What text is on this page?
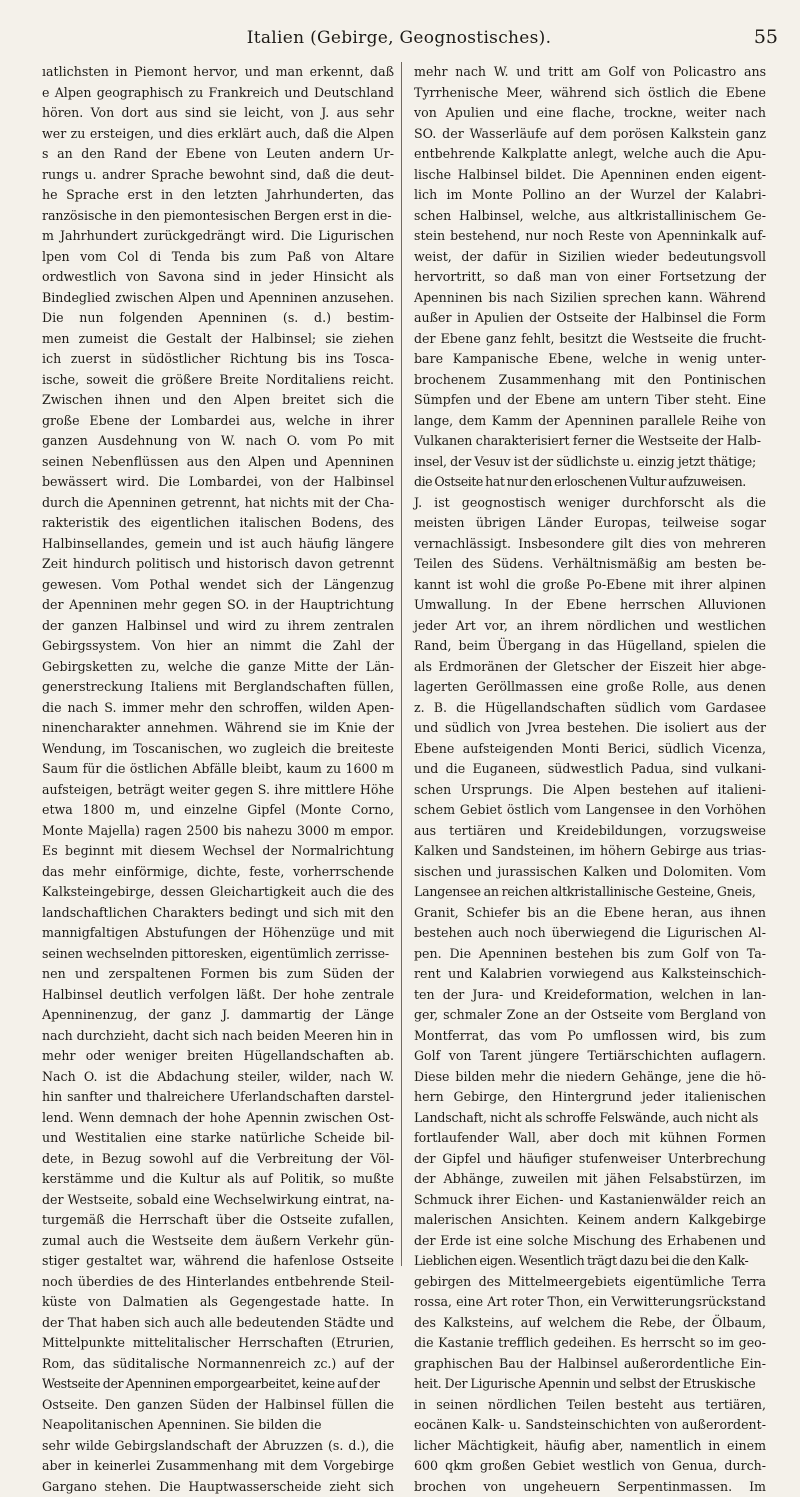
Italien (Gebirge, Geognostisches).	55
ıatlichsten in Piemont hervor, und man erkennt, daß
e Alpen geographisch zu Frankreich und Deutschland
hören. Von dort aus sind sie leicht, von J. aus sehr
wer zu ersteigen, und dies erklärt auch, daß die Alpen
s an den Rand der Ebene von Leuten andern Ur-
rungs u. andrer Sprache bewohnt sind, daß die deut-
he Sprache erst in den letzten Jahrhunderten, das
ranzösische in den piemontesischen Bergen erst in die-
m Jahrhundert zurückgedrängt wird. Die Ligurischen
lpen vom Col di Tenda bis zum Paß von Altare
ordwestlich von Savona sind in jeder Hinsicht als
Bindeglied zwischen Alpen und Apenninen anzusehen.
Die nun folgenden Apenninen (s. d.) bestim-
men zumeist die Gestalt der Halbinsel; sie ziehen
ich zuerst in südöstlicher Richtung bis ins Tosca-
ische, soweit die größere Breite Norditaliens reicht.
Zwischen ihnen und den Alpen breitet sich die
große Ebene der Lombardei aus, welche in ihrer
ganzen Ausdehnung von W. nach O. vom Po mit
seinen Nebenflüssen aus den Alpen und Apenninen
bewässert wird. Die Lombardei, von der Halbinsel
durch die Apenninen getrennt, hat nichts mit der Cha-
rakteristik des eigentlichen italischen Bodens, des
Halbinsellandes, gemein und ist auch häufig längere
Zeit hindurch politisch und historisch davon getrennt
gewesen. Vom Pothal wendet sich der Längenzug
der Apenninen mehr gegen SO. in der Hauptrichtung
der ganzen Halbinsel und wird zu ihrem zentralen
Gebirgssystem. Von hier an nimmt die Zahl der
Gebirgsketten zu, welche die ganze Mitte der Län-
generstreckung Italiens mit Berglandschaften füllen,
die nach S. immer mehr den schroffen, wilden Apen-
ninencharakter annehmen. Während sie im Knie der
Wendung, im Toscanischen, wo zugleich die breiteste
Saum für die östlichen Abfälle bleibt, kaum zu 1600 m
aufsteigen, beträgt weiter gegen S. ihre mittlere Höhe
etwa 1800 m, und einzelne Gipfel (Monte Corno,
Monte Majella) ragen 2500 bis nahezu 3000 m empor.
Es beginnt mit diesem Wechsel der Normalrichtung
das mehr einförmige, dichte, feste, vorherrschende
Kalksteingebirge, dessen Gleichartigkeit auch die des
landschaftlichen Charakters bedingt und sich mit den
mannigfaltigen Abstufungen der Höhenzüge und mit
seinen wechselnden pittoresken, eigentümlich zerrisse-
nen und zerspaltenen Formen bis zum Süden der
Halbinsel deutlich verfolgen läßt. Der hohe zentrale
Apenninenzug, der ganz J. dammartig der Länge
nach durchzieht, dacht sich nach beiden Meeren hin in
mehr oder weniger breiten Hügellandschaften ab.
Nach O. ist die Abdachung steiler, wilder, nach W.
hin sanfter und thalreichere Uferlandschaften darstel-
lend. Wenn demnach der hohe Apennin zwischen Ost-
und Westitalien eine starke natürliche Scheide bil-
dete, in Bezug sowohl auf die Verbreitung der Völ-
kerstämme und die Kultur als auf Politik, so mußte
der Westseite, sobald eine Wechselwirkung eintrat, na-
turgemäß die Herrschaft über die Ostseite zufallen,
zumal auch die Westseite dem äußern Verkehr gün-
stiger gestaltet war, während die hafenlose Ostseite
noch überdies de des Hinterlandes entbehrende Steil-
küste von Dalmatien als Gegengestade hatte. In
der That haben sich auch alle bedeutenden Städte und
Mittelpunkte mittelitalischer Herrschaften (Etrurien,
Rom, das süditalische Normannenreich zc.) auf der
Westseite der Apenninen emporgearbeitet, keine auf der
Ostseite. Den ganzen Süden der Halbinsel füllen die
Neapolitanischen Apenninen. Sie bilden die
sehr wilde Gebirgslandschaft der Abruzzen (s. d.), die
aber in keinerlei Zusammenhang mit dem Vorgebirge
Gargano stehen. Die Hauptwasserscheide zieht sich
mehr nach W. und tritt am Golf von Policastro ans
Tyrrhenische Meer, während sich östlich die Ebene
von Apulien und eine flache, trockne, weiter nach
SO. der Wasserläufe auf dem porösen Kalkstein ganz
entbehrende Kalkplatte anlegt, welche auch die Apu-
lische Halbinsel bildet. Die Apenninen enden eigent-
lich im Monte Pollino an der Wurzel der Kalabri-
schen Halbinsel, welche, aus altkristallinischem Ge-
stein bestehend, nur noch Reste von Apenninkalk auf-
weist, der dafür in Sizilien wieder bedeutungsvoll
hervortritt, so daß man von einer Fortsetzung der
Apenninen bis nach Sizilien sprechen kann. Während
außer in Apulien der Ostseite der Halbinsel die Form
der Ebene ganz fehlt, besitzt die Westseite die frucht-
bare Kampanische Ebene, welche in wenig unter-
brochenem Zusammenhang mit den Pontinischen
Sümpfen und der Ebene am untern Tiber steht. Eine
lange, dem Kamm der Apenninen parallele Reihe von
Vulkanen charakterisiert ferner die Westseite der Halb-
insel, der Vesuv ist der südlichste u. einzig jetzt thätige;
die Ostseite hat nur den erloschenen Vultur aufzuweisen.
J. ist geognostisch weniger durchforscht als die
meisten übrigen Länder Europas, teilweise sogar
vernachlässigt. Insbesondere gilt dies von mehreren
Teilen des Südens. Verhältnismäßig am besten be-
kannt ist wohl die große Po-Ebene mit ihrer alpinen
Umwallung. In der Ebene herrschen Alluvionen
jeder Art vor, an ihrem nördlichen und westlichen
Rand, beim Übergang in das Hügelland, spielen die
als Erdmoränen der Gletscher der Eiszeit hier abge-
lagerten Geröllmassen eine große Rolle, aus denen
z. B. die Hügellandschaften südlich vom Gardasee
und südlich von Jvrea bestehen. Die isoliert aus der
Ebene aufsteigenden Monti Berici, südlich Vicenza,
und die Euganeen, südwestlich Padua, sind vulkani-
schen Ursprungs. Die Alpen bestehen auf italieni-
schem Gebiet östlich vom Langensee in den Vorhöhen
aus tertiären und Kreidebildungen, vorzugsweise
Kalken und Sandsteinen, im höhern Gebirge aus trias-
sischen und jurassischen Kalken und Dolomiten. Vom
Langensee an reichen altkristallinische Gesteine, Gneis,
Granit, Schiefer bis an die Ebene heran, aus ihnen
bestehen auch noch überwiegend die Ligurischen Al-
pen. Die Apenninen bestehen bis zum Golf von Ta-
rent und Kalabrien vorwiegend aus Kalksteinschich-
ten der Jura- und Kreideformation, welchen in lan-
ger, schmaler Zone an der Ostseite vom Bergland von
Montferrat, das vom Po umflossen wird, bis zum
Golf von Tarent jüngere Tertiärschichten auflagern.
Diese bilden mehr die niedern Gehänge, jene die hö-
hern Gebirge, den Hintergrund jeder italienischen
Landschaft, nicht als schroffe Felswände, auch nicht als
fortlaufender Wall, aber doch mit kühnen Formen
der Gipfel und häufiger stufenweiser Unterbrechung
der Abhänge, zuweilen mit jähen Felsabstürzen, im
Schmuck ihrer Eichen- und Kastanienwälder reich an
malerischen Ansichten. Keinem andern Kalkgebirge
der Erde ist eine solche Mischung des Erhabenen und
Lieblichen eigen. Wesentlich trägt dazu bei die den Kalk-
gebirgen des Mittelmeergebiets eigentümliche Terra
rossa, eine Art roter Thon, ein Verwitterungsrückstand
des Kalksteins, auf welchem die Rebe, der Ölbaum,
die Kastanie trefflich gedeihen. Es herrscht so im geo-
graphischen Bau der Halbinsel außerordentliche Ein-
heit. Der Ligurische Apennin und selbst der Etruskische
in seinen nördlichen Teilen besteht aus tertiären,
eocänen Kalk- u. Sandsteinschichten von außerordent-
licher Mächtigkeit, häufig aber, namentlich in einem
600 qkm großen Gebiet westlich von Genua, durch-
brochen von ungeheuern Serpentinmassen. Im
